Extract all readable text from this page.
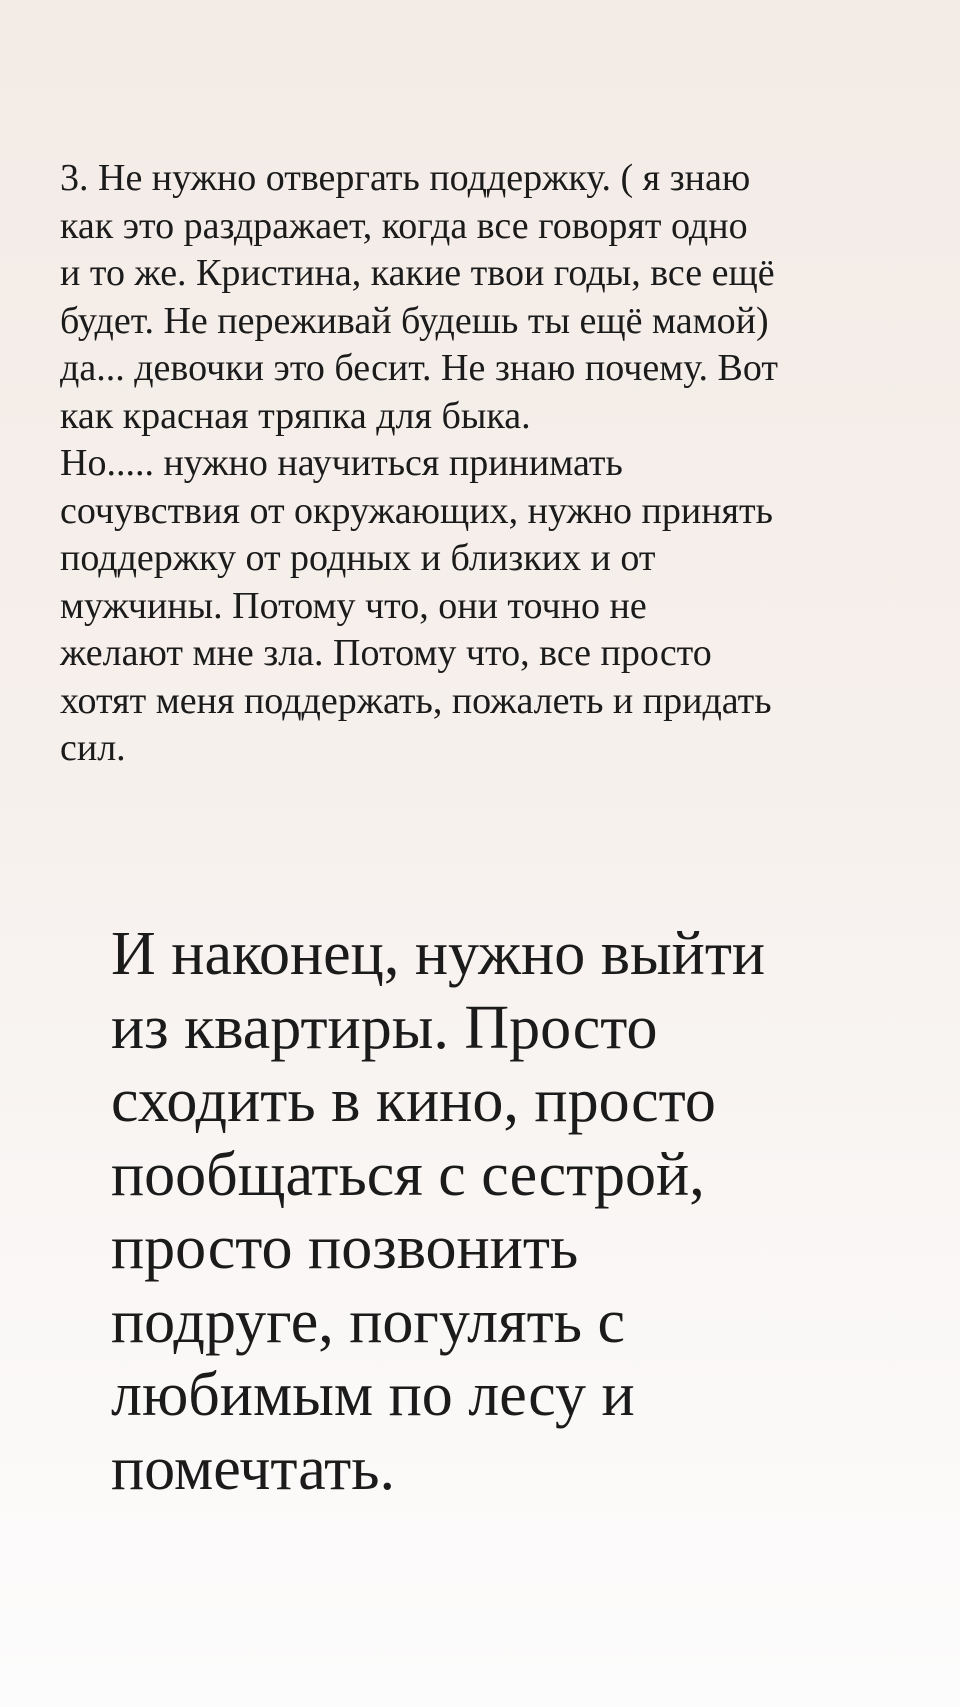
3. Не нужно отвергать поддержку. ( я знаю
как это раздражает, когда все говорят одно
и то же. Кристина, какие твои годы, все ещё
будет. Не переживай будешь ты ещё мамой)
да... девочки это бесит. Не знаю почему. Вот
как красная тряпка для быка.
Но..... нужно научиться принимать
сочувствия от окружающих, нужно принять
поддержку от родных и близких и от
мужчины. Потому что, они точно не
желают мне зла. Потому что, все просто
хотят меня поддержать, пожалеть и придать
сил.
И наконец, нужно выйти
из квартиры. Просто
сходить в кино, просто
пообщаться с сестрой,
просто позвонить
подруге, погулять с
любимым по лесу и
помечтать.
